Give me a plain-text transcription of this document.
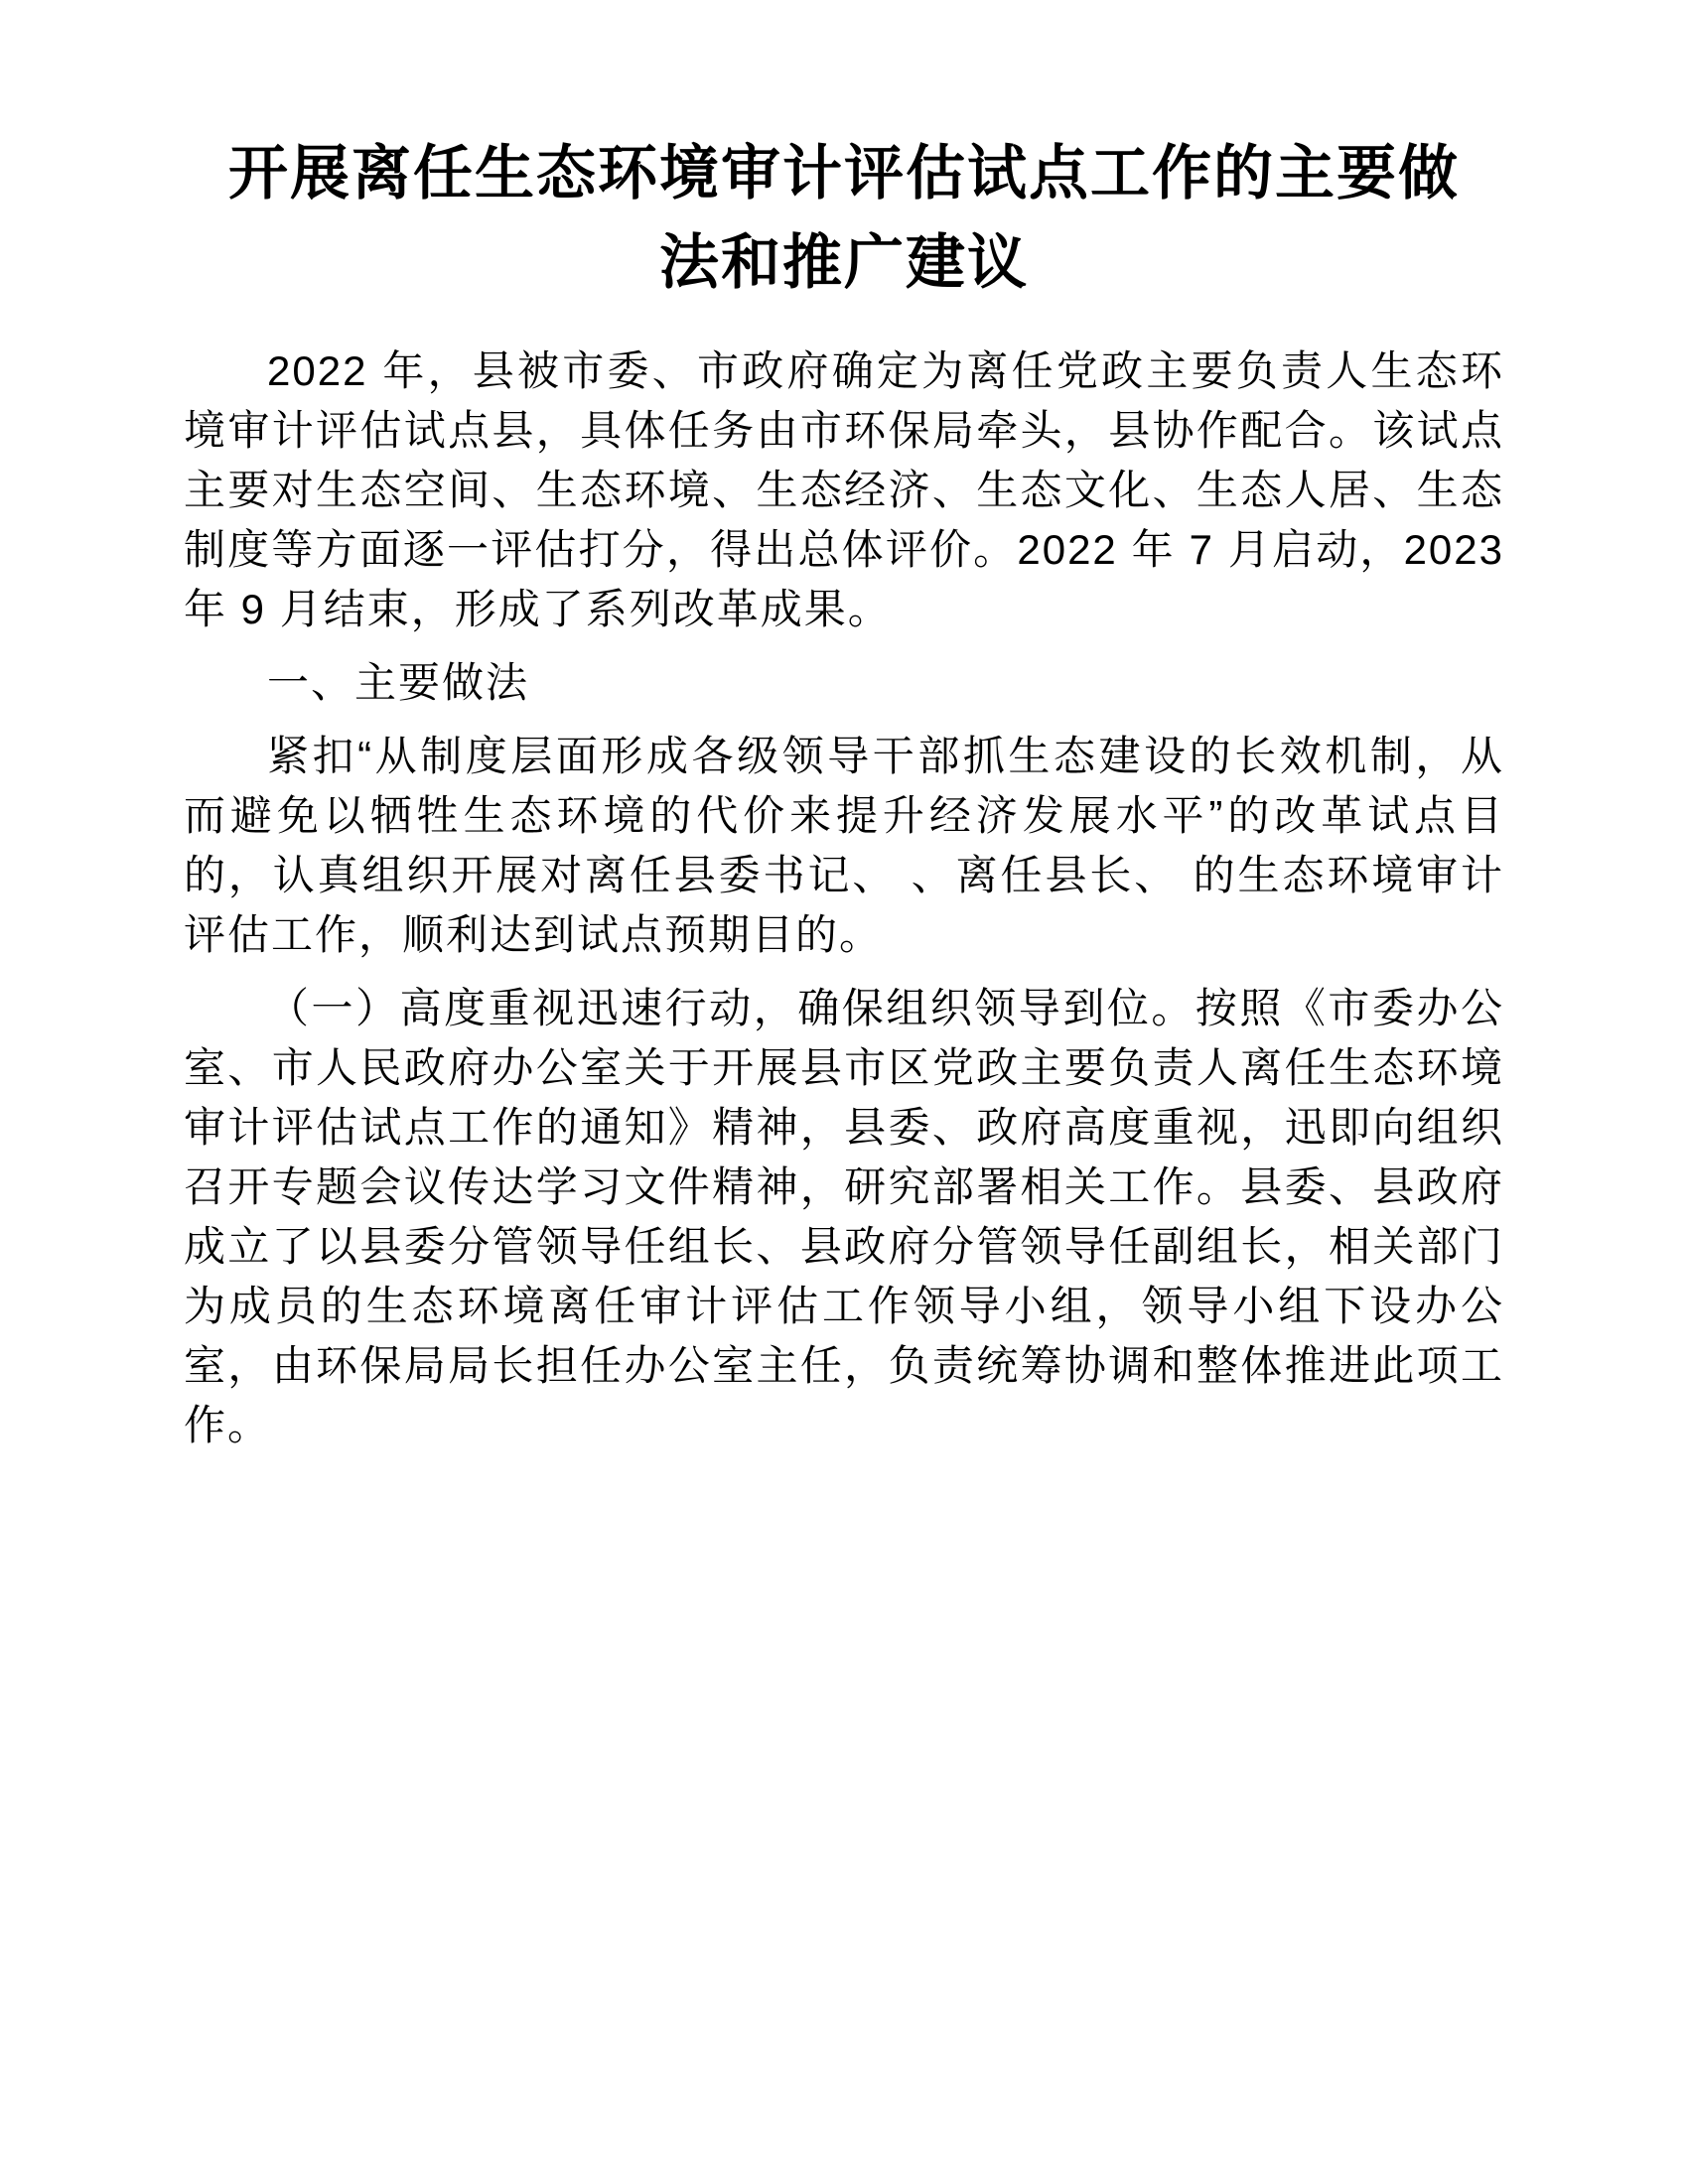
开展离任生态环境审计评估试点工作的主要做法和推广建议

2022 年，县被市委、市政府确定为离任党政主要负责人生态环境审计评估试点县，具体任务由市环保局牵头，县协作配合。该试点主要对生态空间、生态环境、生态经济、生态文化、生态人居、生态制度等方面逐一评估打分，得出总体评价。2022 年 7 月启动，2023 年 9 月结束，形成了系列改革成果。

一、主要做法

紧扣“从制度层面形成各级领导干部抓生态建设的长效机制，从而避免以牺牲生态环境的代价来提升经济发展水平”的改革试点目的，认真组织开展对离任县委书记、 、离任县长、 的生态环境审计评估工作，顺利达到试点预期目的。

（一）高度重视迅速行动，确保组织领导到位。按照《市委办公室、市人民政府办公室关于开展县市区党政主要负责人离任生态环境审计评估试点工作的通知》精神，县委、政府高度重视，迅即向组织召开专题会议传达学习文件精神，研究部署相关工作。县委、县政府成立了以县委分管领导任组长、县政府分管领导任副组长，相关部门为成员的生态环境离任审计评估工作领导小组，领导小组下设办公室，由环保局局长担任办公室主任，负责统筹协调和整体推进此项工作。
